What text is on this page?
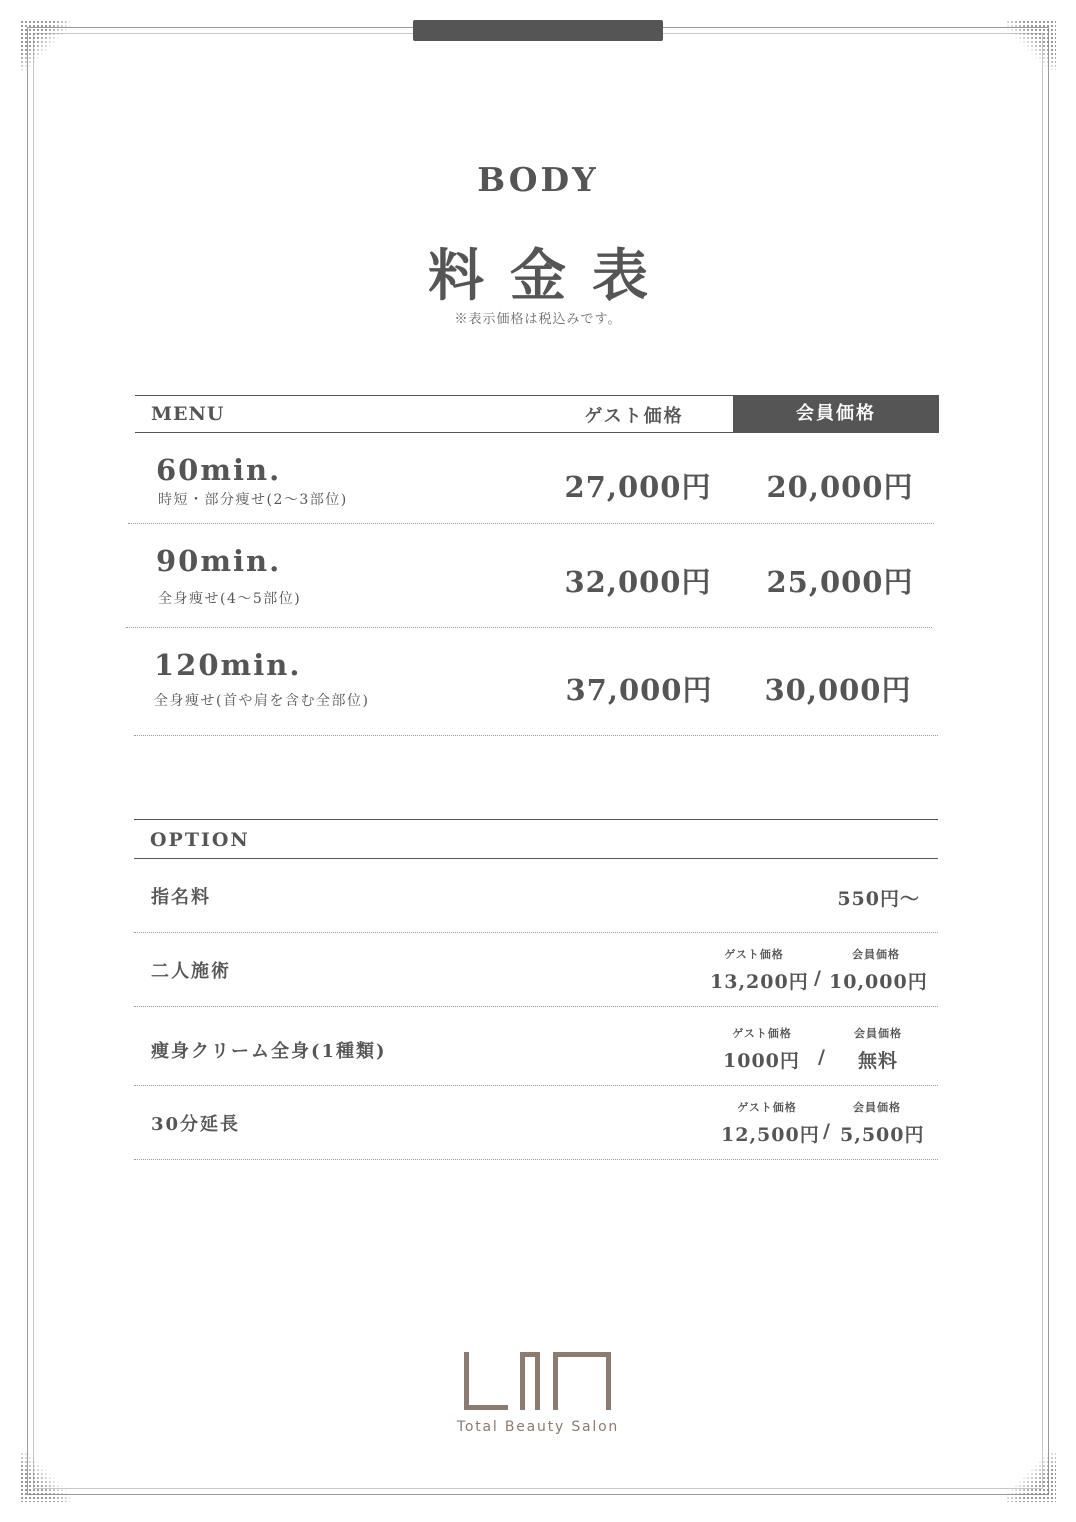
BODY
料金表
※表示価格は税込みです。
MENU	ゲスト価格	会員価格
60min.
時短・部分痩せ(2～3部位)	27,000円	20,000円
90min.
全身痩せ(4～5部位)	32,000円	25,000円
120min.
全身痩せ(首や肩を含む全部位)	37,000円	30,000円
OPTION
指名料	550円～
二人施術
ゲスト価格	会員価格
13,200円 / 10,000円
痩身クリーム全身(1種類)
ゲスト価格	会員価格
1000円 / 無料
30分延長
ゲスト価格	会員価格
12,500円 / 5,500円
Total Beauty Salon
